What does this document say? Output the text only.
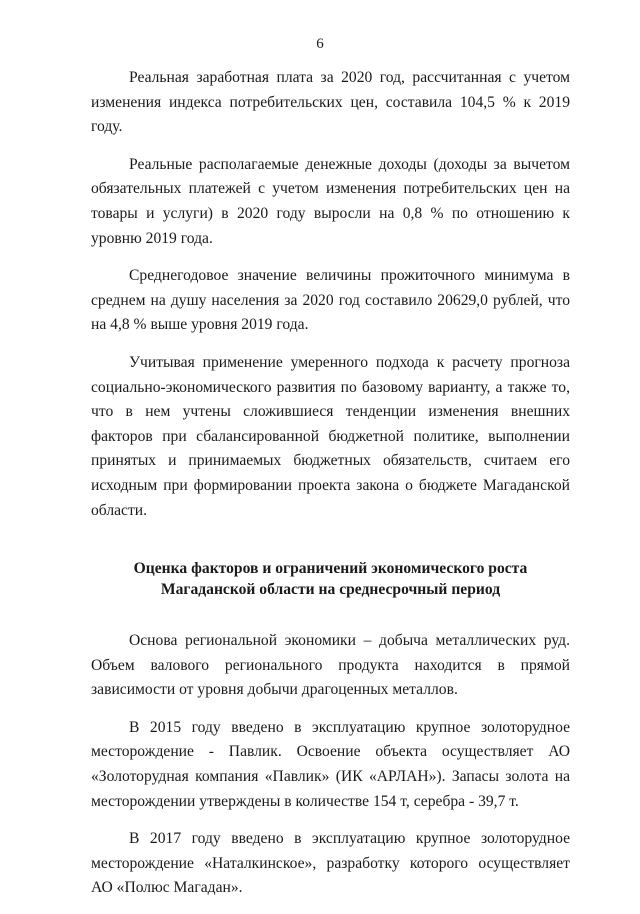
6

Реальная заработная плата за 2020 год, рассчитанная с учетом изменения индекса потребительских цен, составила 104,5 % к 2019 году.

Реальные располагаемые денежные доходы (доходы за вычетом обязательных платежей с учетом изменения потребительских цен на товары и услуги) в 2020 году выросли на 0,8 % по отношению к уровню 2019 года.

Среднегодовое значение величины прожиточного минимума в среднем на душу населения за 2020 год составило 20629,0 рублей, что на 4,8 % выше уровня 2019 года.

Учитывая применение умеренного подхода к расчету прогноза социально-экономического развития по базовому варианту, а также то, что в нем учтены сложившиеся тенденции изменения внешних факторов при сбалансированной бюджетной политике, выполнении принятых и принимаемых бюджетных обязательств, считаем его исходным при формировании проекта закона о бюджете Магаданской области.

Оценка факторов и ограничений экономического роста
Магаданской области на среднесрочный период

Основа региональной экономики – добыча металлических руд. Объем валового регионального продукта находится в прямой зависимости от уровня добычи драгоценных металлов.

В 2015 году введено в эксплуатацию крупное золоторудное месторождение - Павлик. Освоение объекта осуществляет АО «Золоторудная компания «Павлик» (ИК «АРЛАН»). Запасы золота на месторождении утверждены в количестве 154 т, серебра - 39,7 т.

В 2017 году введено в эксплуатацию крупное золоторудное месторождение «Наталкинское», разработку которого осуществляет АО «Полюс Магадан».
